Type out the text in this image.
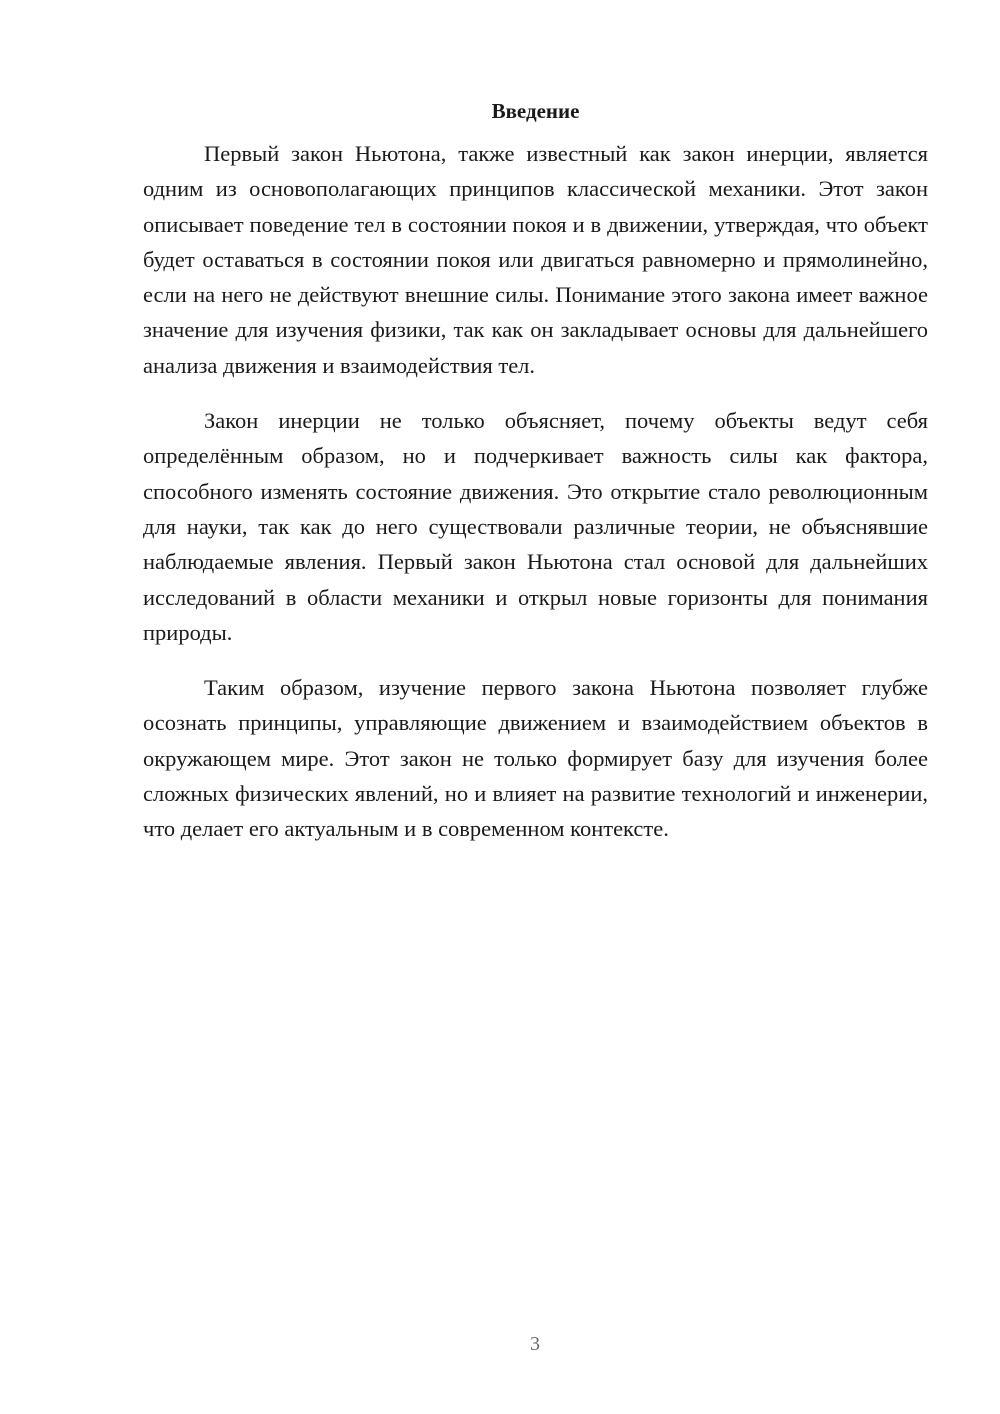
Введение

Первый закон Ньютона, также известный как закон инерции, является одним из основополагающих принципов классической механики. Этот закон описывает поведение тел в состоянии покоя и в движении, утверждая, что объект будет оставаться в состоянии покоя или двигаться равномерно и прямолинейно, если на него не действуют внешние силы. Понимание этого закона имеет важное значение для изучения физики, так как он закладывает основы для дальнейшего анализа движения и взаимодействия тел.

Закон инерции не только объясняет, почему объекты ведут себя определённым образом, но и подчеркивает важность силы как фактора, способного изменять состояние движения. Это открытие стало революционным для науки, так как до него существовали различные теории, не объяснявшие наблюдаемые явления. Первый закон Ньютона стал основой для дальнейших исследований в области механики и открыл новые горизонты для понимания природы.

Таким образом, изучение первого закона Ньютона позволяет глубже осознать принципы, управляющие движением и взаимодействием объектов в окружающем мире. Этот закон не только формирует базу для изучения более сложных физических явлений, но и влияет на развитие технологий и инженерии, что делает его актуальным и в современном контексте.

3
